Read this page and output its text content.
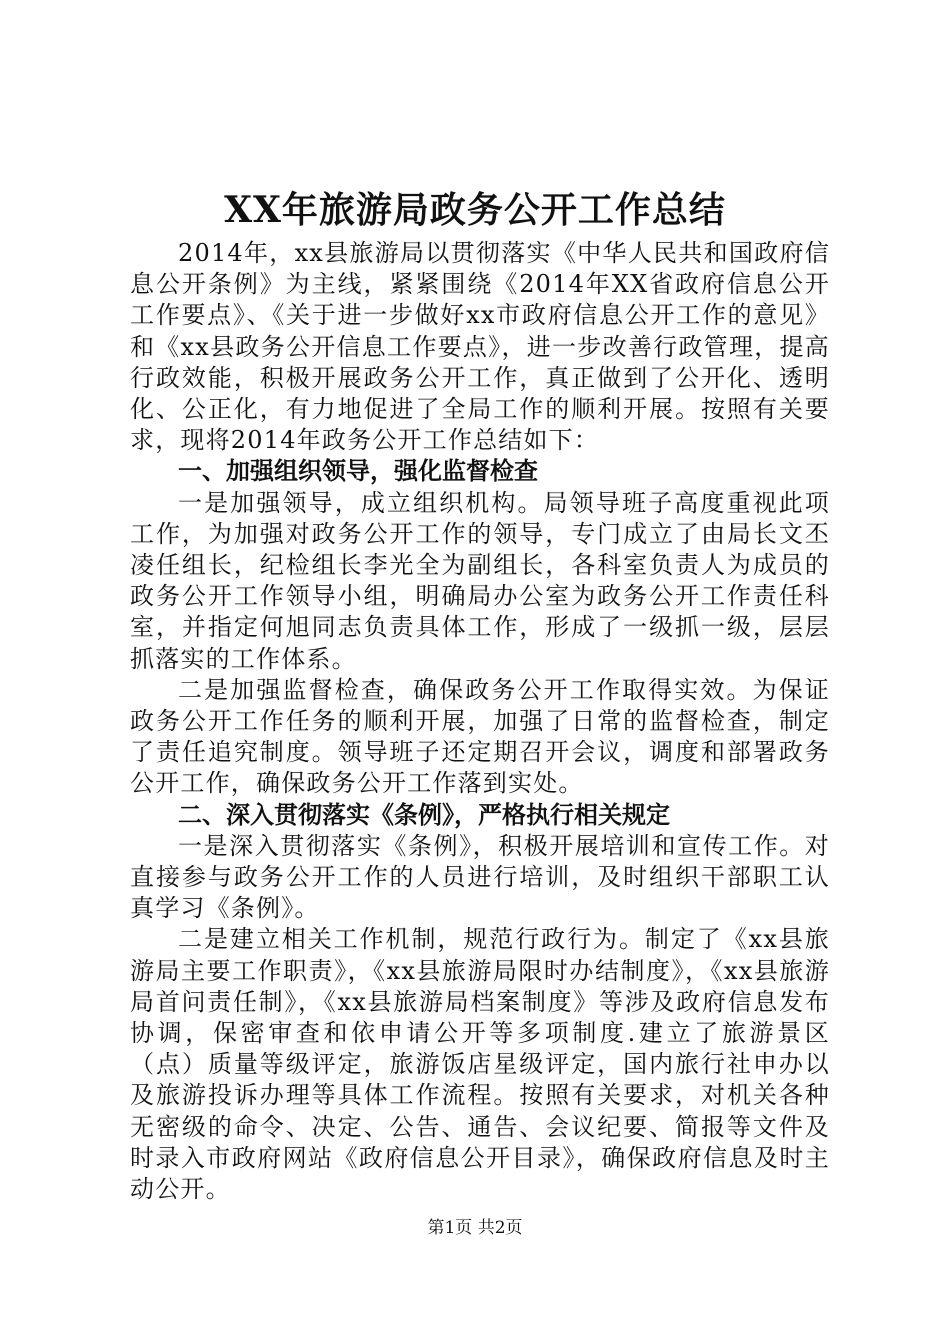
XX年旅游局政务公开工作总结

2014年，xx县旅游局以贯彻落实《中华人民共和国政府信息公开条例》为主线，紧紧围绕《2014年XX省政府信息公开工作要点》、《关于进一步做好xx市政府信息公开工作的意见》和《xx县政务公开信息工作要点》，进一步改善行政管理，提高行政效能，积极开展政务公开工作，真正做到了公开化、透明化、公正化，有力地促进了全局工作的顺利开展。按照有关要求，现将2014年政务公开工作总结如下：

一、加强组织领导，强化监督检查

一是加强领导，成立组织机构。局领导班子高度重视此项工作，为加强对政务公开工作的领导，专门成立了由局长文丕凌任组长，纪检组长李光全为副组长，各科室负责人为成员的政务公开工作领导小组，明确局办公室为政务公开工作责任科室，并指定何旭同志负责具体工作，形成了一级抓一级，层层抓落实的工作体系。

二是加强监督检查，确保政务公开工作取得实效。为保证政务公开工作任务的顺利开展，加强了日常的监督检查，制定了责任追究制度。领导班子还定期召开会议，调度和部署政务公开工作，确保政务公开工作落到实处。

二、深入贯彻落实《条例》，严格执行相关规定

一是深入贯彻落实《条例》，积极开展培训和宣传工作。对直接参与政务公开工作的人员进行培训，及时组织干部职工认真学习《条例》。

二是建立相关工作机制，规范行政行为。制定了《xx县旅游局主要工作职责》，《xx县旅游局限时办结制度》，《xx县旅游局首问责任制》，《xx县旅游局档案制度》等涉及政府信息发布协调，保密审查和依申请公开等多项制度.建立了旅游景区（点）质量等级评定，旅游饭店星级评定，国内旅行社申办以及旅游投诉办理等具体工作流程。按照有关要求，对机关各种无密级的命令、决定、公告、通告、会议纪要、简报等文件及时录入市政府网站《政府信息公开目录》，确保政府信息及时主动公开。

第1页 共2页
